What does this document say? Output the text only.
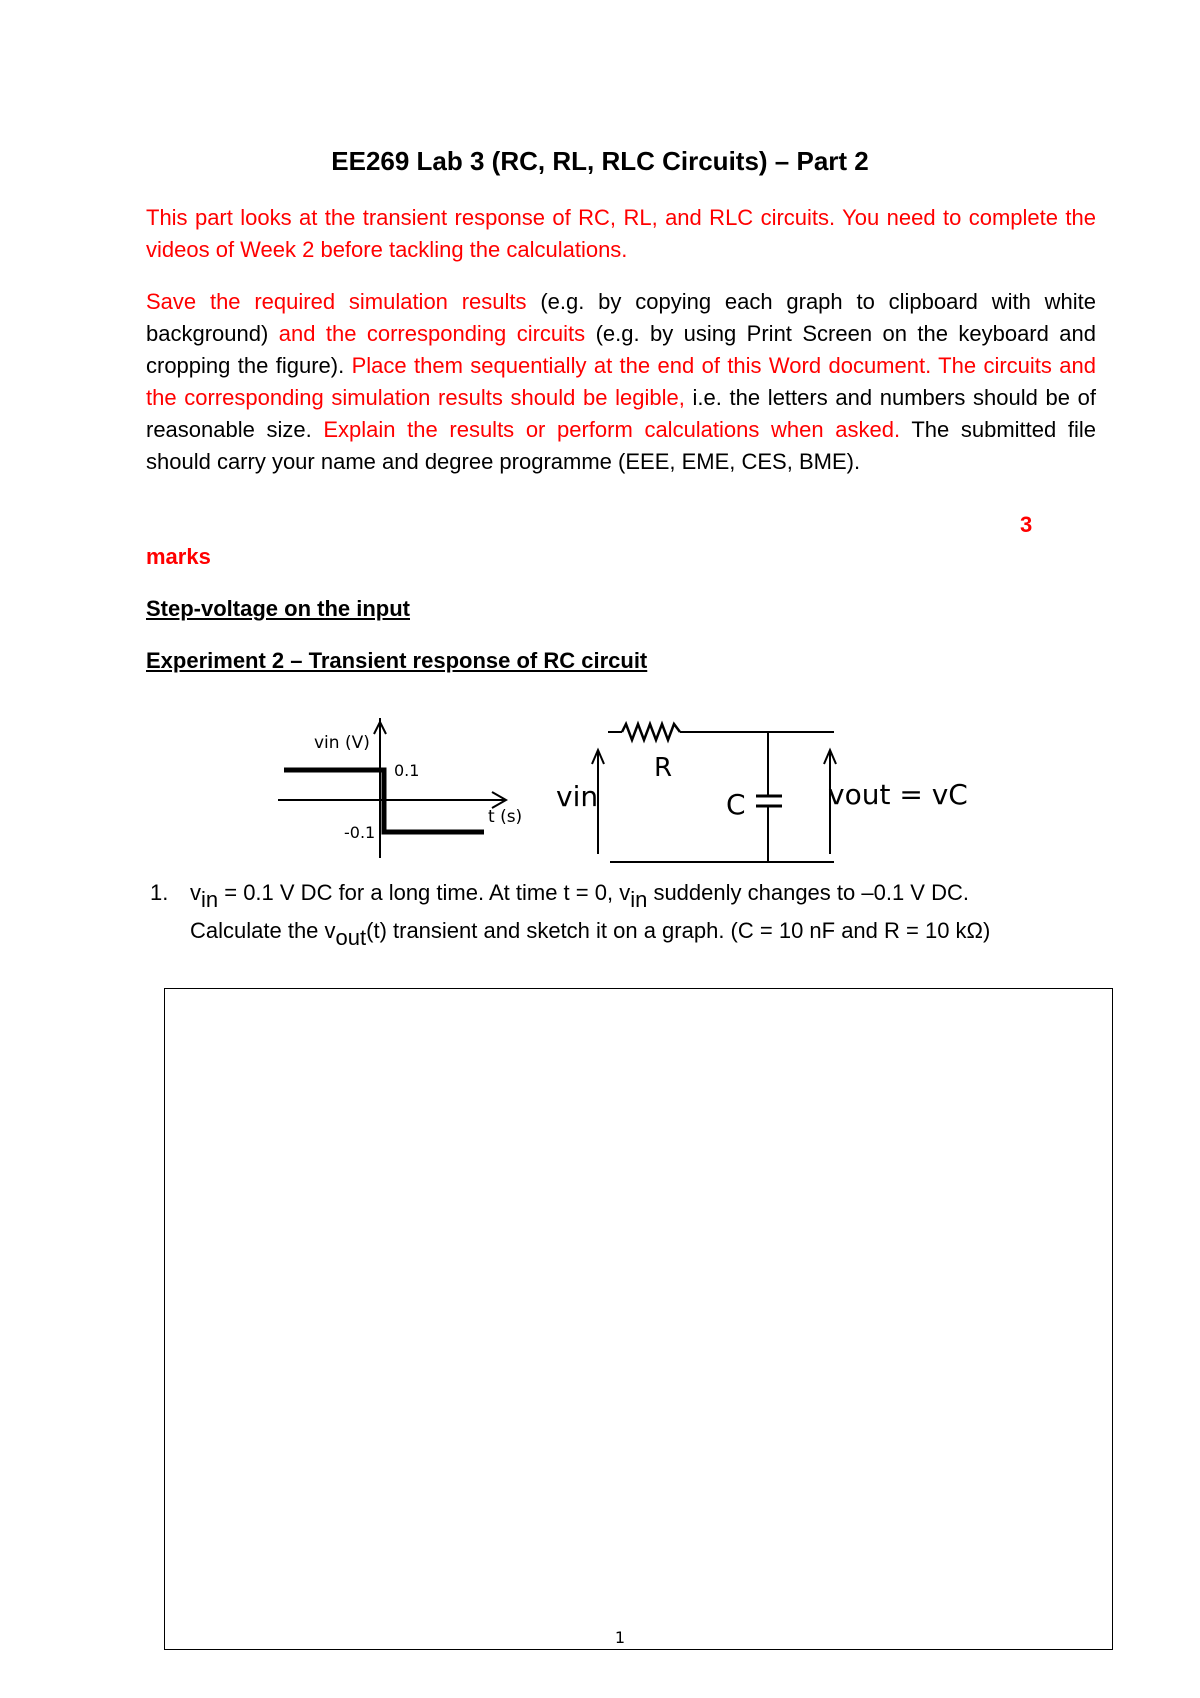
EE269 Lab 3 (RC, RL, RLC Circuits) – Part 2
This part looks at the transient response of RC, RL, and RLC circuits. You need to complete the videos of Week 2 before tackling the calculations.
Save the required simulation results (e.g. by copying each graph to clipboard with white background) and the corresponding circuits (e.g. by using Print Screen on the keyboard and cropping the figure). Place them sequentially at the end of this Word document. The circuits and the corresponding simulation results should be legible, i.e. the letters and numbers should be of reasonable size. Explain the results or perform calculations when asked. The submitted file should carry your name and degree programme (EEE, EME, CES, BME).
3
marks
Step-voltage on the input
Experiment 2 – Transient response of RC circuit
vin (V)
0.1
-0.1
t (s)
vin
R
C	vout = vC
1. $v_{in} = 0.1$ V DC for a long time. At time t = 0, $v_{in}$ suddenly changes to –0.1 V DC.
Calculate the $v_{out}(t)$ transient and sketch it on a graph. (C = 10 nF and R = 10 kΩ)
1
